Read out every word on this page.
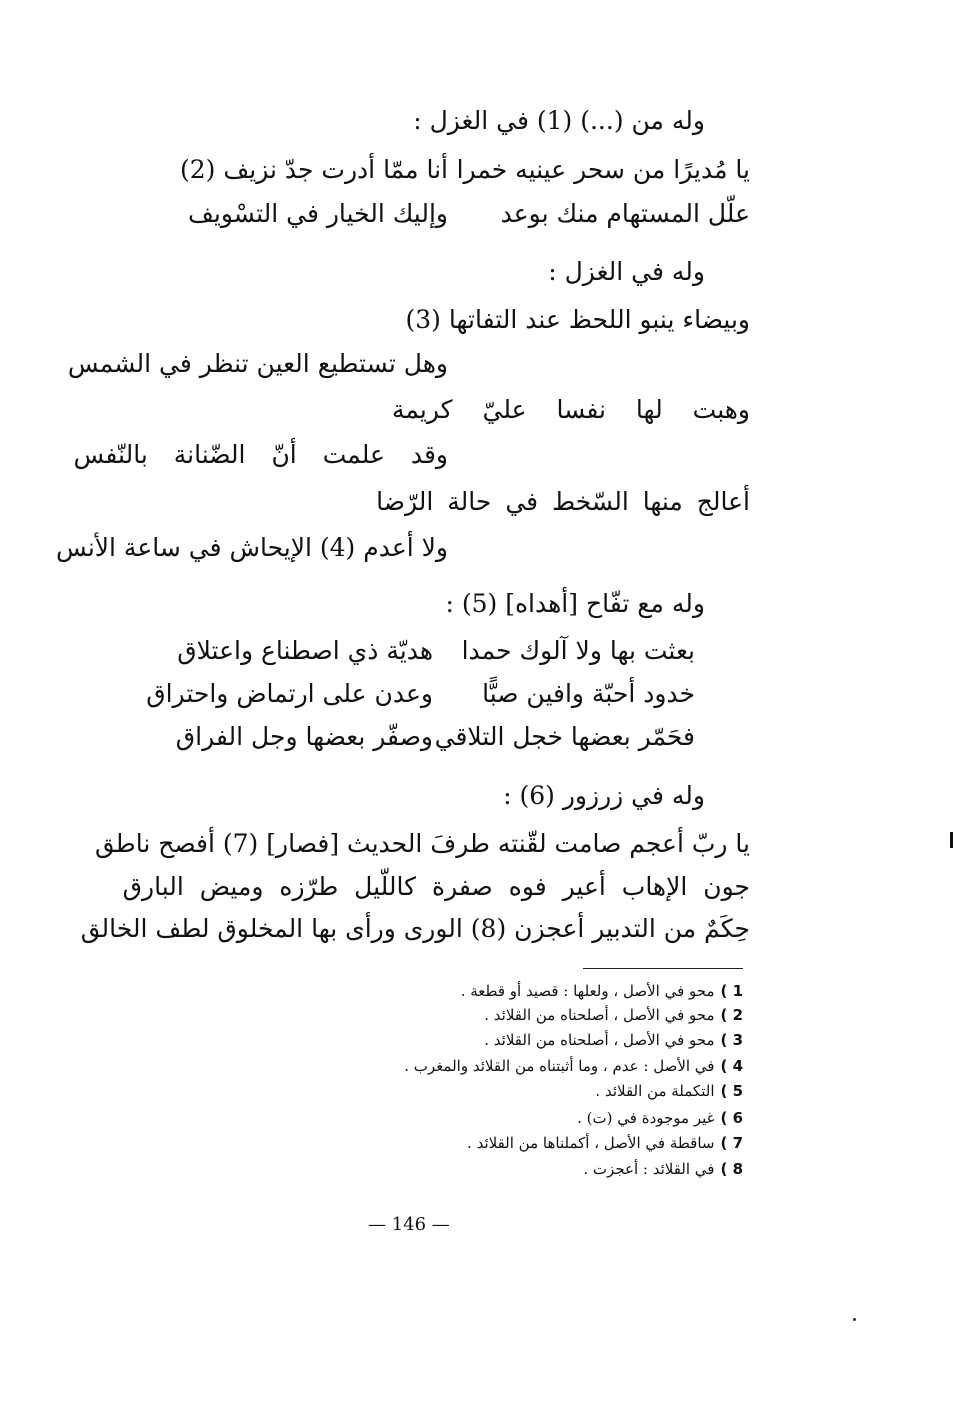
وله من (...) (1) في الغزل :
يا مُديرًا من سحر عينيه خمرا
أنا ممّا أدرت جدّ نزيف (2)
علّل المستهام منك بوعد
وإليك الخيار في التسْويف
وله في الغزل :
وبيضاء ينبو اللحظ عند التفاتها (3)
وهل تستطيع العين تنظر في الشمس
وهبت لها نفسا عليّ كريمة
وقد علمت أنّ الضّنانة بالنّفس
أعالج منها السّخط في حالة الرّضا
ولا أعدم (4) الإيحاش في ساعة الأنس
وله مع تفّاح [أهداه] (5) :
بعثت بها ولا آلوك حمدا
هديّة ذي اصطناع واعتلاق
خدود أحبّة وافين صبًّا
وعدن على ارتماض واحتراق
فحَمّر بعضها خجل التلاقي
وصفّر بعضها وجل الفراق
وله في زرزور (6) :
يا ربّ أعجم صامت لقّنته طرفَ الحديث [فصار] (7) أفصح ناطق
جون الإهاب أعير فوه صفرة كاللّيل طرّزه وميض البارق
حِكَمٌ من التدبير أعجزن (8) الورى ورأى بها المخلوق لطف الخالق
1 )محو في الأصل ، ولعلها : قصيد أو قطعة .
2 )محو في الأصل ، أصلحناه من القلائد .
3 )محو في الأصل ، أصلحناه من القلائد .
4 )في الأصل : عدم ، وما أثبتناه من القلائد والمغرب .
5 )التكملة من القلائد .
6 )غير موجودة في (ت) .
7 )ساقطة في الأصل ، أكملناها من القلائد .
8 )في القلائد : أعجزت .
— 146 —
